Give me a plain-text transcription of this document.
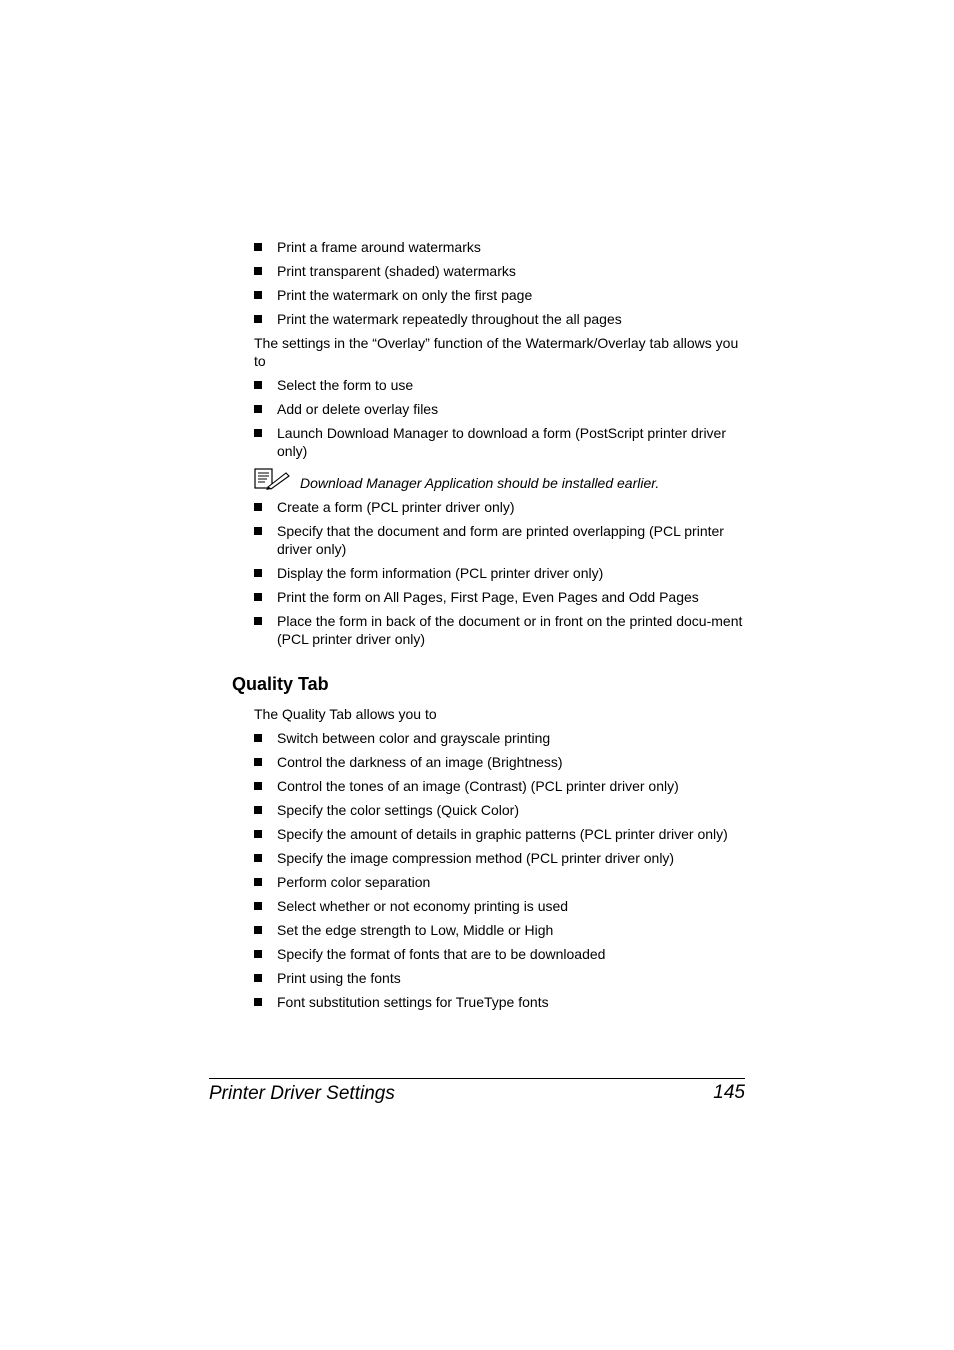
Print a frame around watermarks
Print transparent (shaded) watermarks
Print the watermark on only the first page
Print the watermark repeatedly throughout the all pages
The settings in the “Overlay” function of the Watermark/Overlay tab allows you to
Select the form to use
Add or delete overlay files
Launch Download Manager to download a form (PostScript printer driver only)
Download Manager Application should be installed earlier.
Create a form (PCL printer driver only)
Specify that the document and form are printed overlapping (PCL printer driver only)
Display the form information (PCL printer driver only)
Print the form on All Pages, First Page, Even Pages and Odd Pages
Place the form in back of the document or in front on the printed docu-ment (PCL printer driver only)
Quality Tab
The Quality Tab allows you to
Switch between color and grayscale printing
Control the darkness of an image (Brightness)
Control the tones of an image (Contrast) (PCL printer driver only)
Specify the color settings (Quick Color)
Specify the amount of details in graphic patterns (PCL printer driver only)
Specify the image compression method (PCL printer driver only)
Perform color separation
Select whether or not economy printing is used
Set the edge strength to Low, Middle or High
Specify the format of fonts that are to be downloaded
Print using the fonts
Font substitution settings for TrueType fonts
Printer Driver Settings	145
